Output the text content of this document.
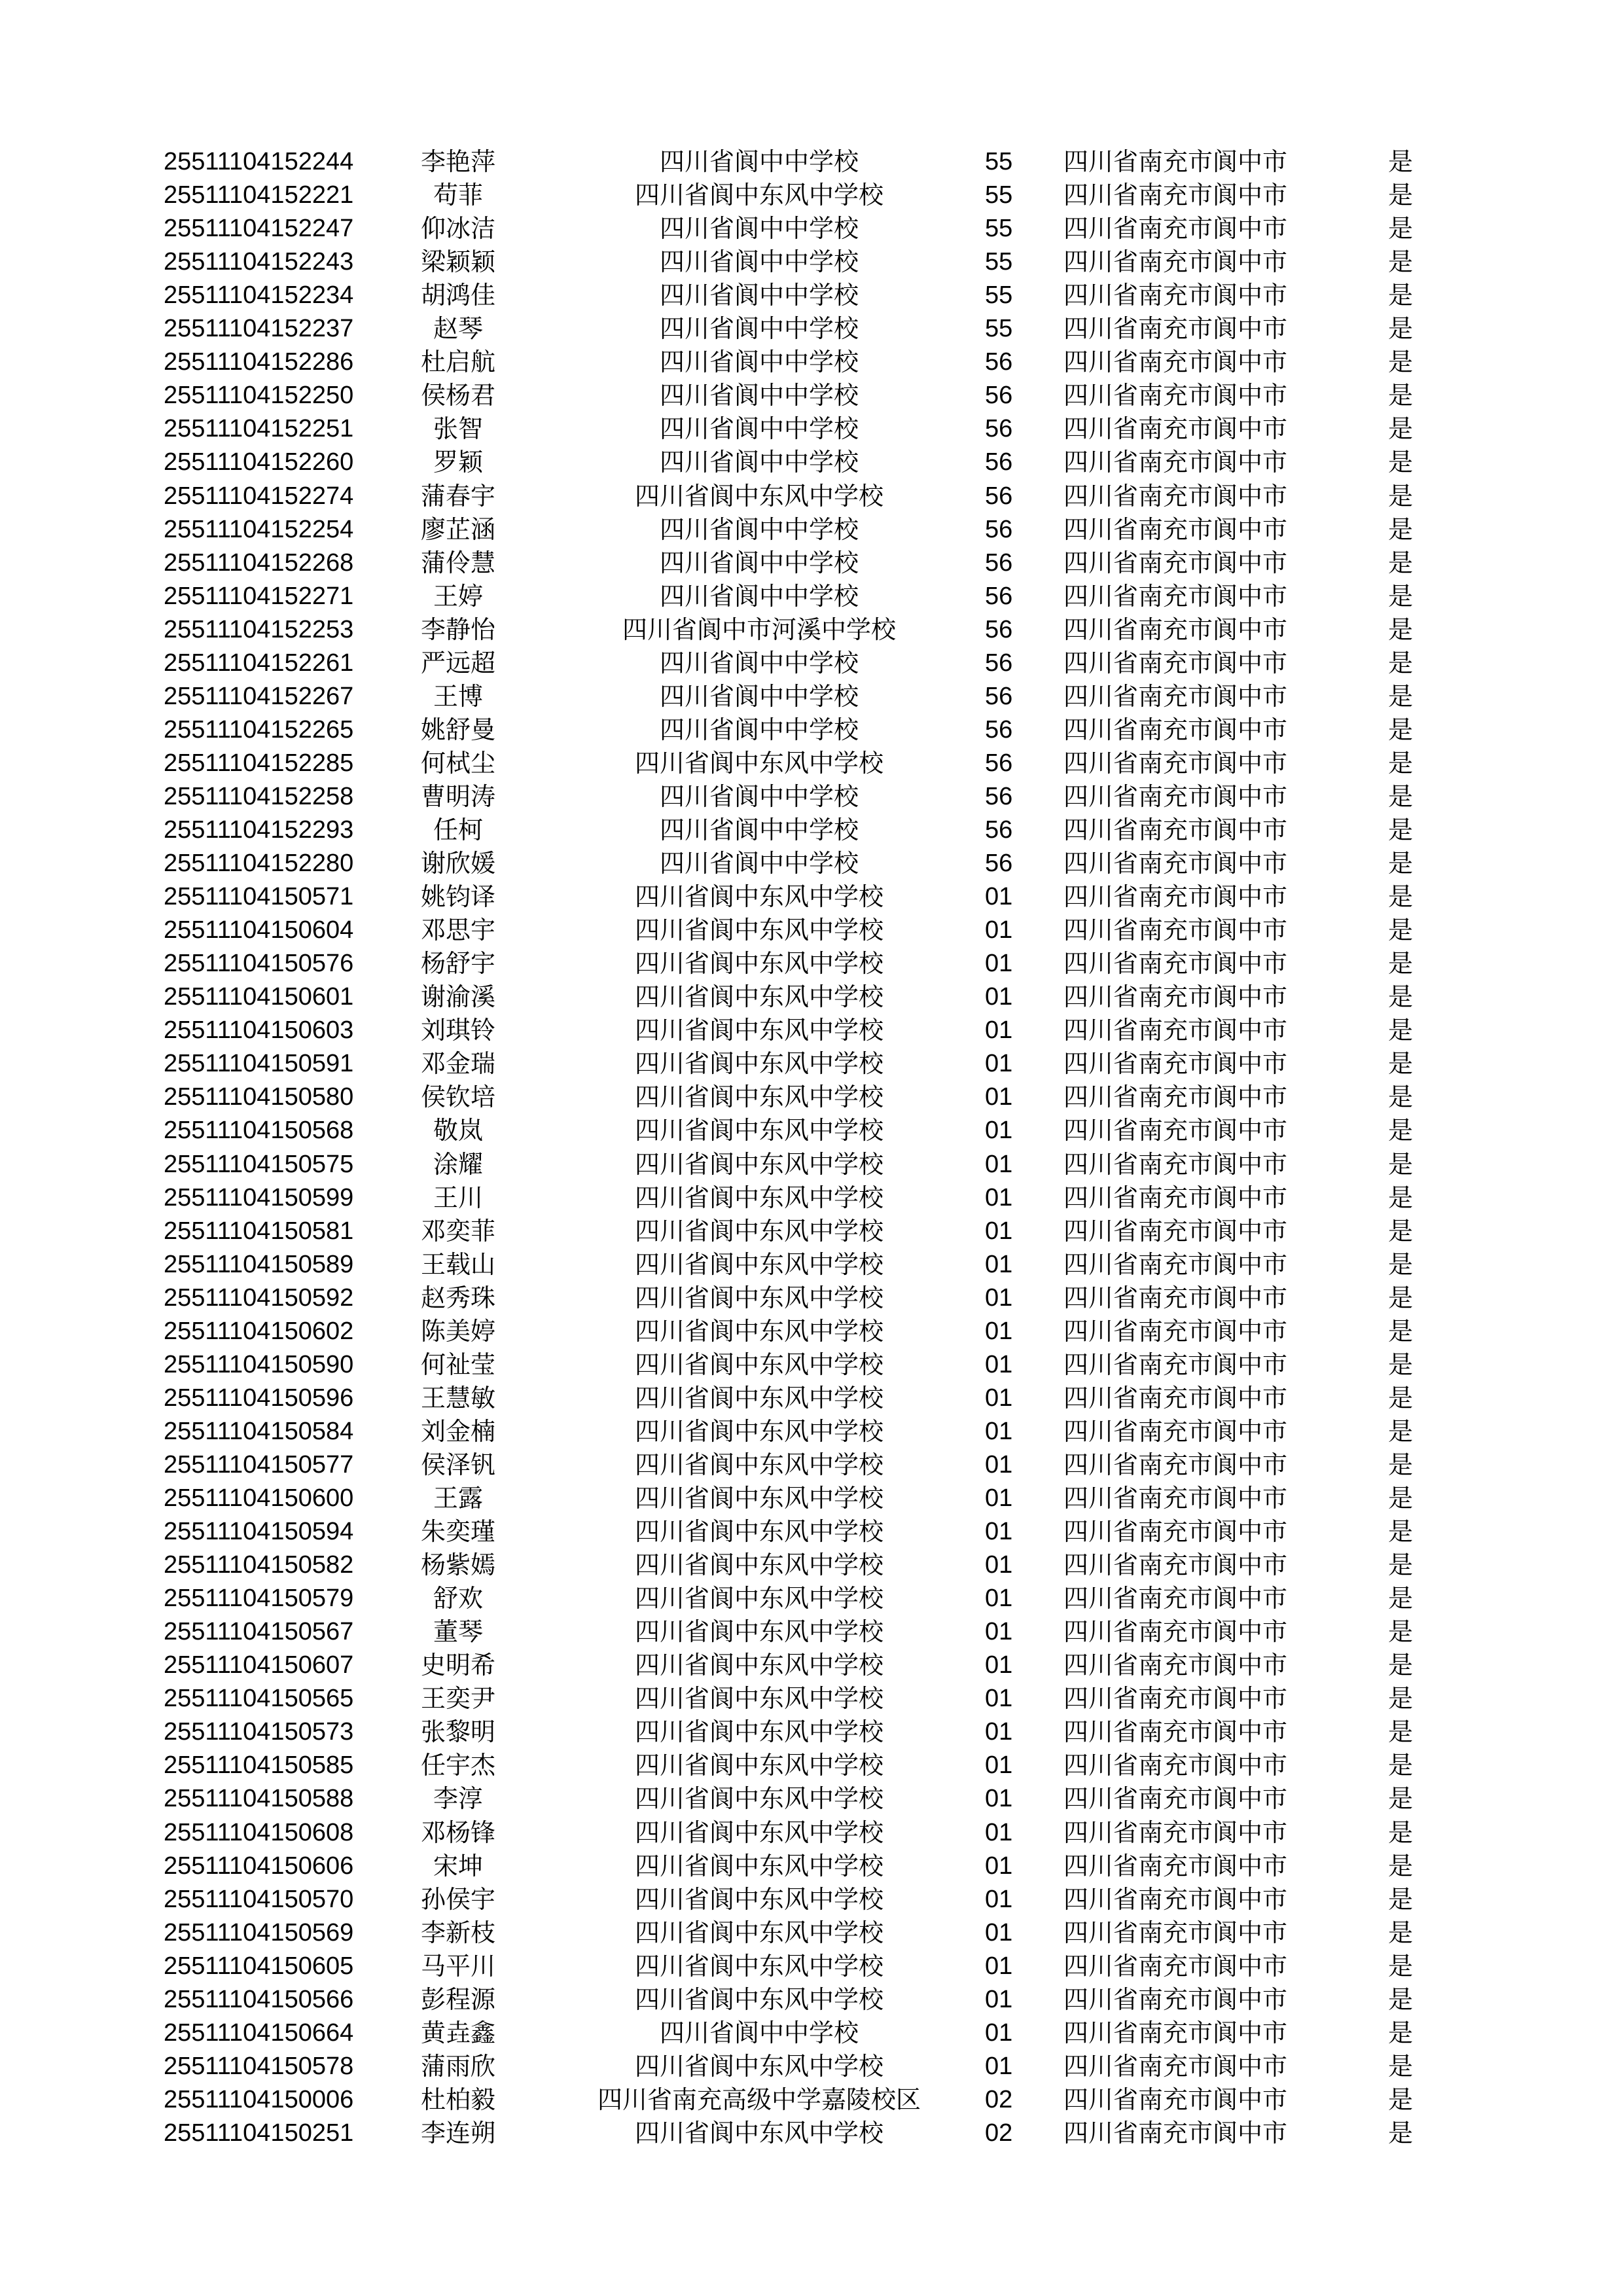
25511104152244	李艳萍	四川省阆中中学校	55	四川省南充市阆中市	是
25511104152221	苟菲	四川省阆中东风中学校	55	四川省南充市阆中市	是
25511104152247	仰冰洁	四川省阆中中学校	55	四川省南充市阆中市	是
25511104152243	梁颖颖	四川省阆中中学校	55	四川省南充市阆中市	是
25511104152234	胡鸿佳	四川省阆中中学校	55	四川省南充市阆中市	是
25511104152237	赵琴	四川省阆中中学校	55	四川省南充市阆中市	是
25511104152286	杜启航	四川省阆中中学校	56	四川省南充市阆中市	是
25511104152250	侯杨君	四川省阆中中学校	56	四川省南充市阆中市	是
25511104152251	张智	四川省阆中中学校	56	四川省南充市阆中市	是
25511104152260	罗颖	四川省阆中中学校	56	四川省南充市阆中市	是
25511104152274	蒲春宇	四川省阆中东风中学校	56	四川省南充市阆中市	是
25511104152254	廖芷涵	四川省阆中中学校	56	四川省南充市阆中市	是
25511104152268	蒲伶慧	四川省阆中中学校	56	四川省南充市阆中市	是
25511104152271	王婷	四川省阆中中学校	56	四川省南充市阆中市	是
25511104152253	李静怡	四川省阆中市河溪中学校	56	四川省南充市阆中市	是
25511104152261	严远超	四川省阆中中学校	56	四川省南充市阆中市	是
25511104152267	王博	四川省阆中中学校	56	四川省南充市阆中市	是
25511104152265	姚舒曼	四川省阆中中学校	56	四川省南充市阆中市	是
25511104152285	何栻尘	四川省阆中东风中学校	56	四川省南充市阆中市	是
25511104152258	曹明涛	四川省阆中中学校	56	四川省南充市阆中市	是
25511104152293	任柯	四川省阆中中学校	56	四川省南充市阆中市	是
25511104152280	谢欣媛	四川省阆中中学校	56	四川省南充市阆中市	是
25511104150571	姚钧译	四川省阆中东风中学校	01	四川省南充市阆中市	是
25511104150604	邓思宇	四川省阆中东风中学校	01	四川省南充市阆中市	是
25511104150576	杨舒宇	四川省阆中东风中学校	01	四川省南充市阆中市	是
25511104150601	谢渝溪	四川省阆中东风中学校	01	四川省南充市阆中市	是
25511104150603	刘琪铃	四川省阆中东风中学校	01	四川省南充市阆中市	是
25511104150591	邓金瑞	四川省阆中东风中学校	01	四川省南充市阆中市	是
25511104150580	侯钦培	四川省阆中东风中学校	01	四川省南充市阆中市	是
25511104150568	敬岚	四川省阆中东风中学校	01	四川省南充市阆中市	是
25511104150575	涂耀	四川省阆中东风中学校	01	四川省南充市阆中市	是
25511104150599	王川	四川省阆中东风中学校	01	四川省南充市阆中市	是
25511104150581	邓奕菲	四川省阆中东风中学校	01	四川省南充市阆中市	是
25511104150589	王载山	四川省阆中东风中学校	01	四川省南充市阆中市	是
25511104150592	赵秀珠	四川省阆中东风中学校	01	四川省南充市阆中市	是
25511104150602	陈美婷	四川省阆中东风中学校	01	四川省南充市阆中市	是
25511104150590	何祉莹	四川省阆中东风中学校	01	四川省南充市阆中市	是
25511104150596	王慧敏	四川省阆中东风中学校	01	四川省南充市阆中市	是
25511104150584	刘金楠	四川省阆中东风中学校	01	四川省南充市阆中市	是
25511104150577	侯泽钒	四川省阆中东风中学校	01	四川省南充市阆中市	是
25511104150600	王露	四川省阆中东风中学校	01	四川省南充市阆中市	是
25511104150594	朱奕瑾	四川省阆中东风中学校	01	四川省南充市阆中市	是
25511104150582	杨紫嫣	四川省阆中东风中学校	01	四川省南充市阆中市	是
25511104150579	舒欢	四川省阆中东风中学校	01	四川省南充市阆中市	是
25511104150567	董琴	四川省阆中东风中学校	01	四川省南充市阆中市	是
25511104150607	史明希	四川省阆中东风中学校	01	四川省南充市阆中市	是
25511104150565	王奕尹	四川省阆中东风中学校	01	四川省南充市阆中市	是
25511104150573	张黎明	四川省阆中东风中学校	01	四川省南充市阆中市	是
25511104150585	任宇杰	四川省阆中东风中学校	01	四川省南充市阆中市	是
25511104150588	李淳	四川省阆中东风中学校	01	四川省南充市阆中市	是
25511104150608	邓杨锋	四川省阆中东风中学校	01	四川省南充市阆中市	是
25511104150606	宋坤	四川省阆中东风中学校	01	四川省南充市阆中市	是
25511104150570	孙侯宇	四川省阆中东风中学校	01	四川省南充市阆中市	是
25511104150569	李新枝	四川省阆中东风中学校	01	四川省南充市阆中市	是
25511104150605	马平川	四川省阆中东风中学校	01	四川省南充市阆中市	是
25511104150566	彭程源	四川省阆中东风中学校	01	四川省南充市阆中市	是
25511104150664	黄垚鑫	四川省阆中中学校	01	四川省南充市阆中市	是
25511104150578	蒲雨欣	四川省阆中东风中学校	01	四川省南充市阆中市	是
25511104150006	杜柏毅	四川省南充高级中学嘉陵校区	02	四川省南充市阆中市	是
25511104150251	李连朔	四川省阆中东风中学校	02	四川省南充市阆中市	是
